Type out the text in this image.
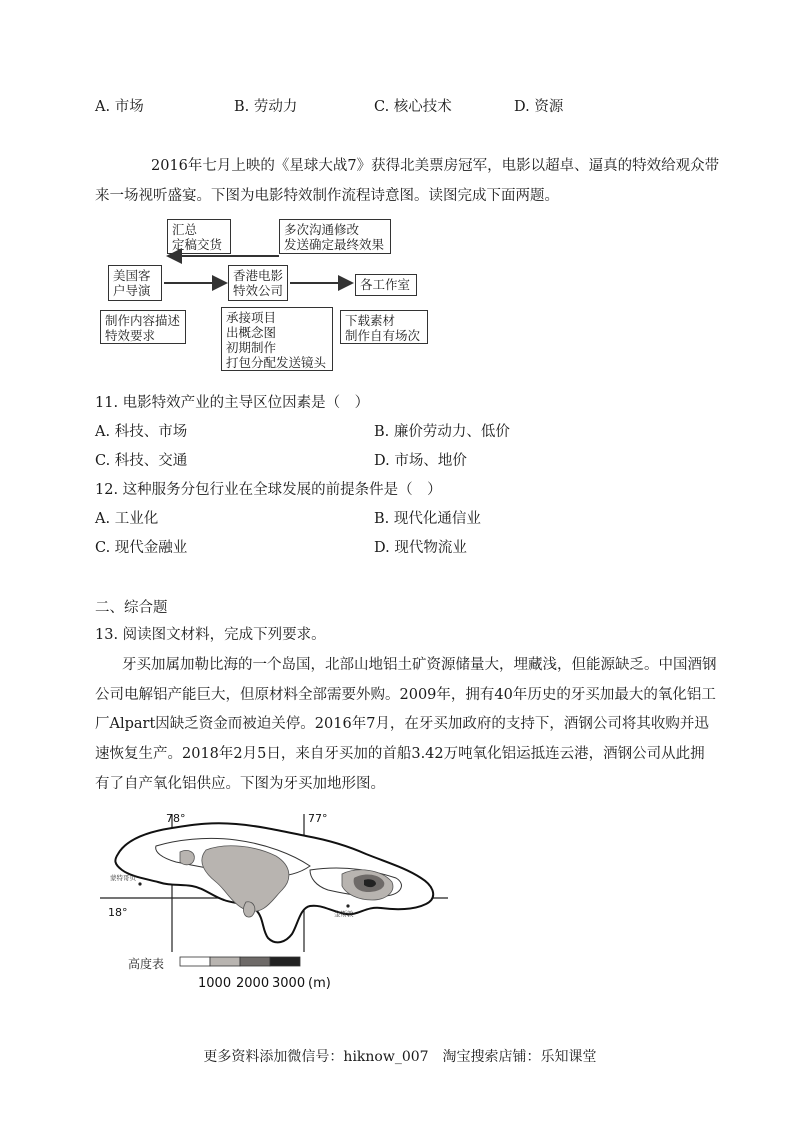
A. 市场	B. 劳动力	C. 核心技术	D. 资源
2016年七月上映的《星球大战7》获得北美票房冠军，电影以超卓、逼真的特效给观众带
来一场视听盛宴。下图为电影特效制作流程诗意图。读图完成下面两题。
汇总
定稿交货
多次沟通修改
发送确定最终效果
美国客
户导演
香港电影
特效公司	各工作室
制作内容描述
特效要求
承接项目
出概念图
初期制作
打包分配发送镜头
下载素材
制作自有场次
11. 电影特效产业的主导区位因素是（　）
A. 科技、市场	B. 廉价劳动力、低价
C. 科技、交通	D. 市场、地价
12. 这种服务分包行业在全球发展的前提条件是（　）
A. 工业化	B. 现代化通信业
C. 现代金融业	D. 现代物流业
二、综合题
13. 阅读图文材料，完成下列要求。
牙买加属加勒比海的一个岛国，北部山地铝土矿资源储量大，埋藏浅，但能源缺乏。中国酒钢
公司电解铝产能巨大，但原材料全部需要外购。2009年，拥有40年历史的牙买加最大的氧化铝工
厂Alpart因缺乏资金而被迫关停。2016年7月，在牙买加政府的支持下，酒钢公司将其收购并迅
速恢复生产。2018年2月5日，来自牙买加的首船3.42万吨氧化铝运抵连云港，酒钢公司从此拥
有了自产氧化铝供应。下图为牙买加地形图。
蒙特哥贝
金斯敦
78°	77°
18°
高度表
1000 2000 3000 (m)
更多资料添加微信号：hiknow_007　淘宝搜索店铺：乐知课堂
